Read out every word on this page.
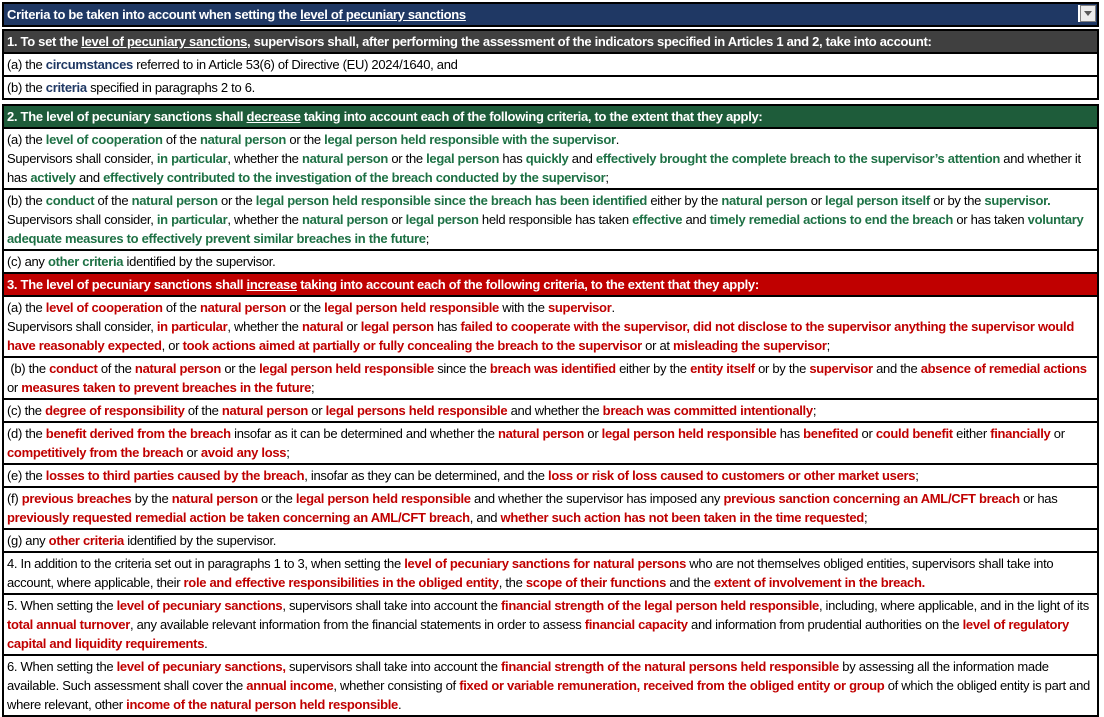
Criteria to be taken into account when setting the level of pecuniary sanctions
1. To set the level of pecuniary sanctions, supervisors shall, after performing the assessment of the indicators specified in Articles 1 and 2, take into account:
(a) the circumstances referred to in Article 53(6) of Directive (EU) 2024/1640, and
(b) the criteria specified in paragraphs 2 to 6.
2. The level of pecuniary sanctions shall decrease taking into account each of the following criteria, to the extent that they apply:
(a) the level of cooperation of the natural person or the legal person held responsible with the supervisor.
Supervisors shall consider, in particular, whether the natural person or the legal person has quickly and effectively brought the complete breach to the supervisor’s attention and whether it has actively and effectively contributed to the investigation of the breach conducted by the supervisor;
(b) the conduct of the natural person or the legal person held responsible since the breach has been identified either by the natural person or legal person itself or by the supervisor.
Supervisors shall consider, in particular, whether the natural person or legal person held responsible has taken effective and timely remedial actions to end the breach or has taken voluntary adequate measures to effectively prevent similar breaches in the future;
(c) any other criteria identified by the supervisor.
3. The level of pecuniary sanctions shall increase taking into account each of the following criteria, to the extent that they apply:
(a) the level of cooperation of the natural person or the legal person held responsible with the supervisor.
Supervisors shall consider, in particular, whether the natural or legal person has failed to cooperate with the supervisor, did not disclose to the supervisor anything the supervisor would have reasonably expected, or took actions aimed at partially or fully concealing the breach to the supervisor or at misleading the supervisor;
(b) the conduct of the natural person or the legal person held responsible since the breach was identified either by the entity itself or by the supervisor and the absence of remedial actions or measures taken to prevent breaches in the future;
(c) the degree of responsibility of the natural person or legal persons held responsible and whether the breach was committed intentionally;
(d) the benefit derived from the breach insofar as it can be determined and whether the natural person or legal person held responsible has benefited or could benefit either financially or competitively from the breach or avoid any loss;
(e) the losses to third parties caused by the breach, insofar as they can be determined, and the loss or risk of loss caused to customers or other market users;
(f) previous breaches by the natural person or the legal person held responsible and whether the supervisor has imposed any previous sanction concerning an AML/CFT breach or has previously requested remedial action be taken concerning an AML/CFT breach, and whether such action has not been taken in the time requested;
(g) any other criteria identified by the supervisor.
4. In addition to the criteria set out in paragraphs 1 to 3, when setting the level of pecuniary sanctions for natural persons who are not themselves obliged entities, supervisors shall take into account, where applicable, their role and effective responsibilities in the obliged entity, the scope of their functions and the extent of involvement in the breach.
5. When setting the level of pecuniary sanctions, supervisors shall take into account the financial strength of the legal person held responsible, including, where applicable, and in the light of its total annual turnover, any available relevant information from the financial statements in order to assess financial capacity and information from prudential authorities on the level of regulatory capital and liquidity requirements.
6. When setting the level of pecuniary sanctions, supervisors shall take into account the financial strength of the natural persons held responsible by assessing all the information made available. Such assessment shall cover the annual income, whether consisting of fixed or variable remuneration, received from the obliged entity or group of which the obliged entity is part and where relevant, other income of the natural person held responsible.
